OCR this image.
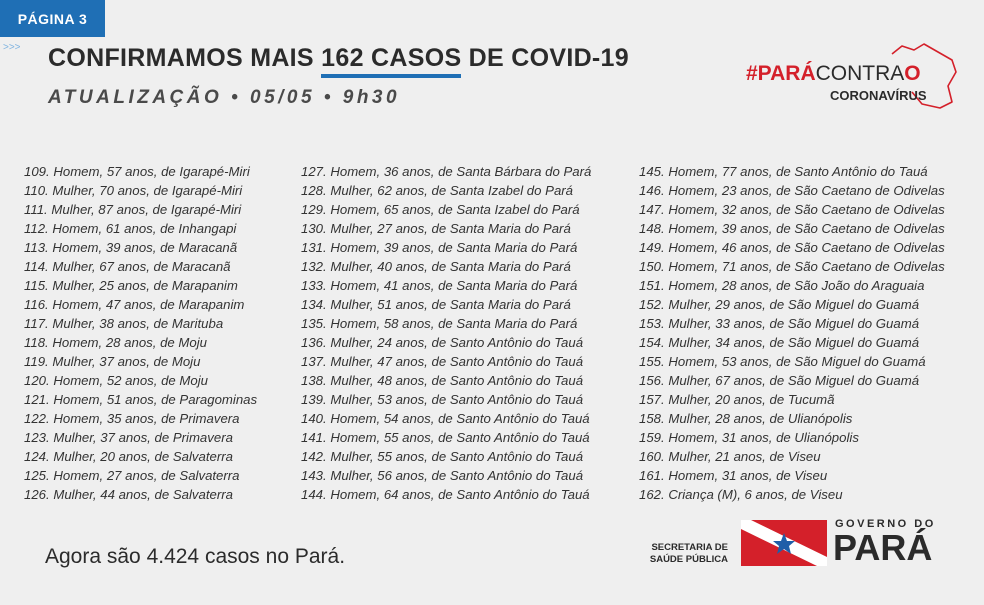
PÁGINA 3
>>> CONFIRMAMOS MAIS 162 CASOS DE COVID-19
ATUALIZAÇÃO • 05/05 • 9h30
#PARÁCONTRAO
CORONAVÍRUS
109. Homem, 57 anos, de Igarapé-Miri
110. Mulher, 70 anos, de Igarapé-Miri
111. Mulher, 87 anos, de Igarapé-Miri
112. Homem, 61 anos, de Inhangapi
113. Homem, 39 anos, de Maracanã
114. Mulher, 67 anos, de Maracanã
115. Mulher, 25 anos, de Marapanim
116. Homem, 47 anos, de Marapanim
117. Mulher, 38 anos, de Marituba
118. Homem, 28 anos, de Moju
119. Mulher, 37 anos, de Moju
120. Homem, 52 anos, de Moju
121. Homem, 51 anos, de Paragominas
122. Homem, 35 anos, de Primavera
123. Mulher, 37 anos, de Primavera
124. Mulher, 20 anos, de Salvaterra
125. Homem, 27 anos, de Salvaterra
126. Mulher, 44 anos, de Salvaterra
127. Homem, 36 anos, de Santa Bárbara do Pará
128. Mulher, 62 anos, de Santa Izabel do Pará
129. Homem, 65 anos, de Santa Izabel do Pará
130. Mulher, 27 anos, de Santa Maria do Pará
131. Homem, 39 anos, de Santa Maria do Pará
132. Mulher, 40 anos, de Santa Maria do Pará
133. Homem, 41 anos, de Santa Maria do Pará
134. Mulher, 51 anos, de Santa Maria do Pará
135. Homem, 58 anos, de Santa Maria do Pará
136. Mulher, 24 anos, de Santo Antônio do Tauá
137. Mulher, 47 anos, de Santo Antônio do Tauá
138. Mulher, 48 anos, de Santo Antônio do Tauá
139. Mulher, 53 anos, de Santo Antônio do Tauá
140. Homem, 54 anos, de Santo Antônio do Tauá
141. Homem, 55 anos, de Santo Antônio do Tauá
142. Mulher, 55 anos, de Santo Antônio do Tauá
143. Mulher, 56 anos, de Santo Antônio do Tauá
144. Homem, 64 anos, de Santo Antônio do Tauá
145. Homem, 77 anos, de Santo Antônio do Tauá
146. Homem, 23 anos, de São Caetano de Odivelas
147. Homem, 32 anos, de São Caetano de Odivelas
148. Homem, 39 anos, de São Caetano de Odivelas
149. Homem, 46 anos, de São Caetano de Odivelas
150. Homem, 71 anos, de São Caetano de Odivelas
151. Homem, 28 anos, de São João do Araguaia
152. Mulher, 29 anos, de São Miguel do Guamá
153. Mulher, 33 anos, de São Miguel do Guamá
154. Mulher, 34 anos, de São Miguel do Guamá
155. Homem, 53 anos, de São Miguel do Guamá
156. Mulher, 67 anos, de São Miguel do Guamá
157. Mulher, 20 anos, de Tucumã
158. Mulher, 28 anos, de Ulianópolis
159. Homem, 31 anos, de Ulianópolis
160. Mulher, 21 anos, de Viseu
161. Homem, 31 anos, de Viseu
162. Criança (M), 6 anos, de Viseu
Agora são 4.424 casos no Pará.	SECRETARIA DE
SAÚDE PÚBLICA
GOVERNO DO
PARÁ
